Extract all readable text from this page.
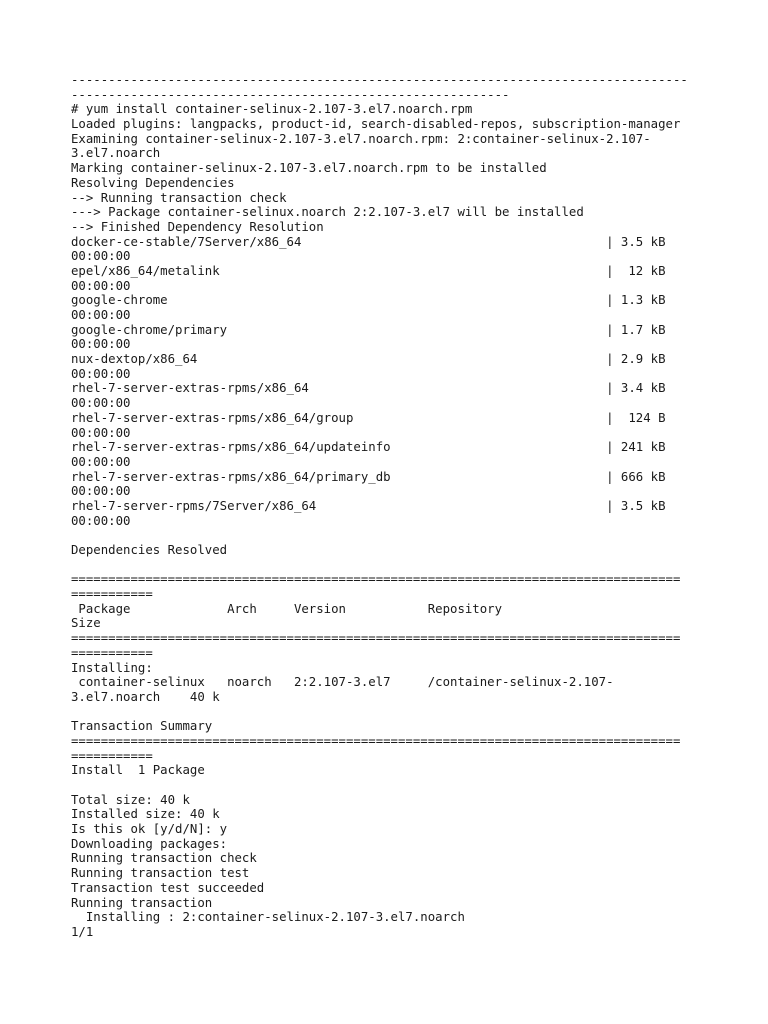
-----------------------------------------------------------------------------------
-----------------------------------------------------------
# yum install container-selinux-2.107-3.el7.noarch.rpm
Loaded plugins: langpacks, product-id, search-disabled-repos, subscription-manager
Examining container-selinux-2.107-3.el7.noarch.rpm: 2:container-selinux-2.107-
3.el7.noarch
Marking container-selinux-2.107-3.el7.noarch.rpm to be installed
Resolving Dependencies
--> Running transaction check
---> Package container-selinux.noarch 2:2.107-3.el7 will be installed
--> Finished Dependency Resolution
docker-ce-stable/7Server/x86_64                                         | 3.5 kB
00:00:00
epel/x86_64/metalink                                                    |  12 kB
00:00:00
google-chrome                                                           | 1.3 kB
00:00:00
google-chrome/primary                                                   | 1.7 kB
00:00:00
nux-dextop/x86_64                                                       | 2.9 kB
00:00:00
rhel-7-server-extras-rpms/x86_64                                        | 3.4 kB
00:00:00
rhel-7-server-extras-rpms/x86_64/group                                  |  124 B
00:00:00
rhel-7-server-extras-rpms/x86_64/updateinfo                             | 241 kB
00:00:00
rhel-7-server-extras-rpms/x86_64/primary_db                             | 666 kB
00:00:00
rhel-7-server-rpms/7Server/x86_64                                       | 3.5 kB
00:00:00
Dependencies Resolved
==================================================================================
===========
Package             Arch     Version           Repository
Size
==================================================================================
===========
Installing:
container-selinux   noarch   2:2.107-3.el7     /container-selinux-2.107-
3.el7.noarch    40 k
Transaction Summary
==================================================================================
===========
Install  1 Package
Total size: 40 k
Installed size: 40 k
Is this ok [y/d/N]: y
Downloading packages:
Running transaction check
Running transaction test
Transaction test succeeded
Running transaction
Installing : 2:container-selinux-2.107-3.el7.noarch
1/1
